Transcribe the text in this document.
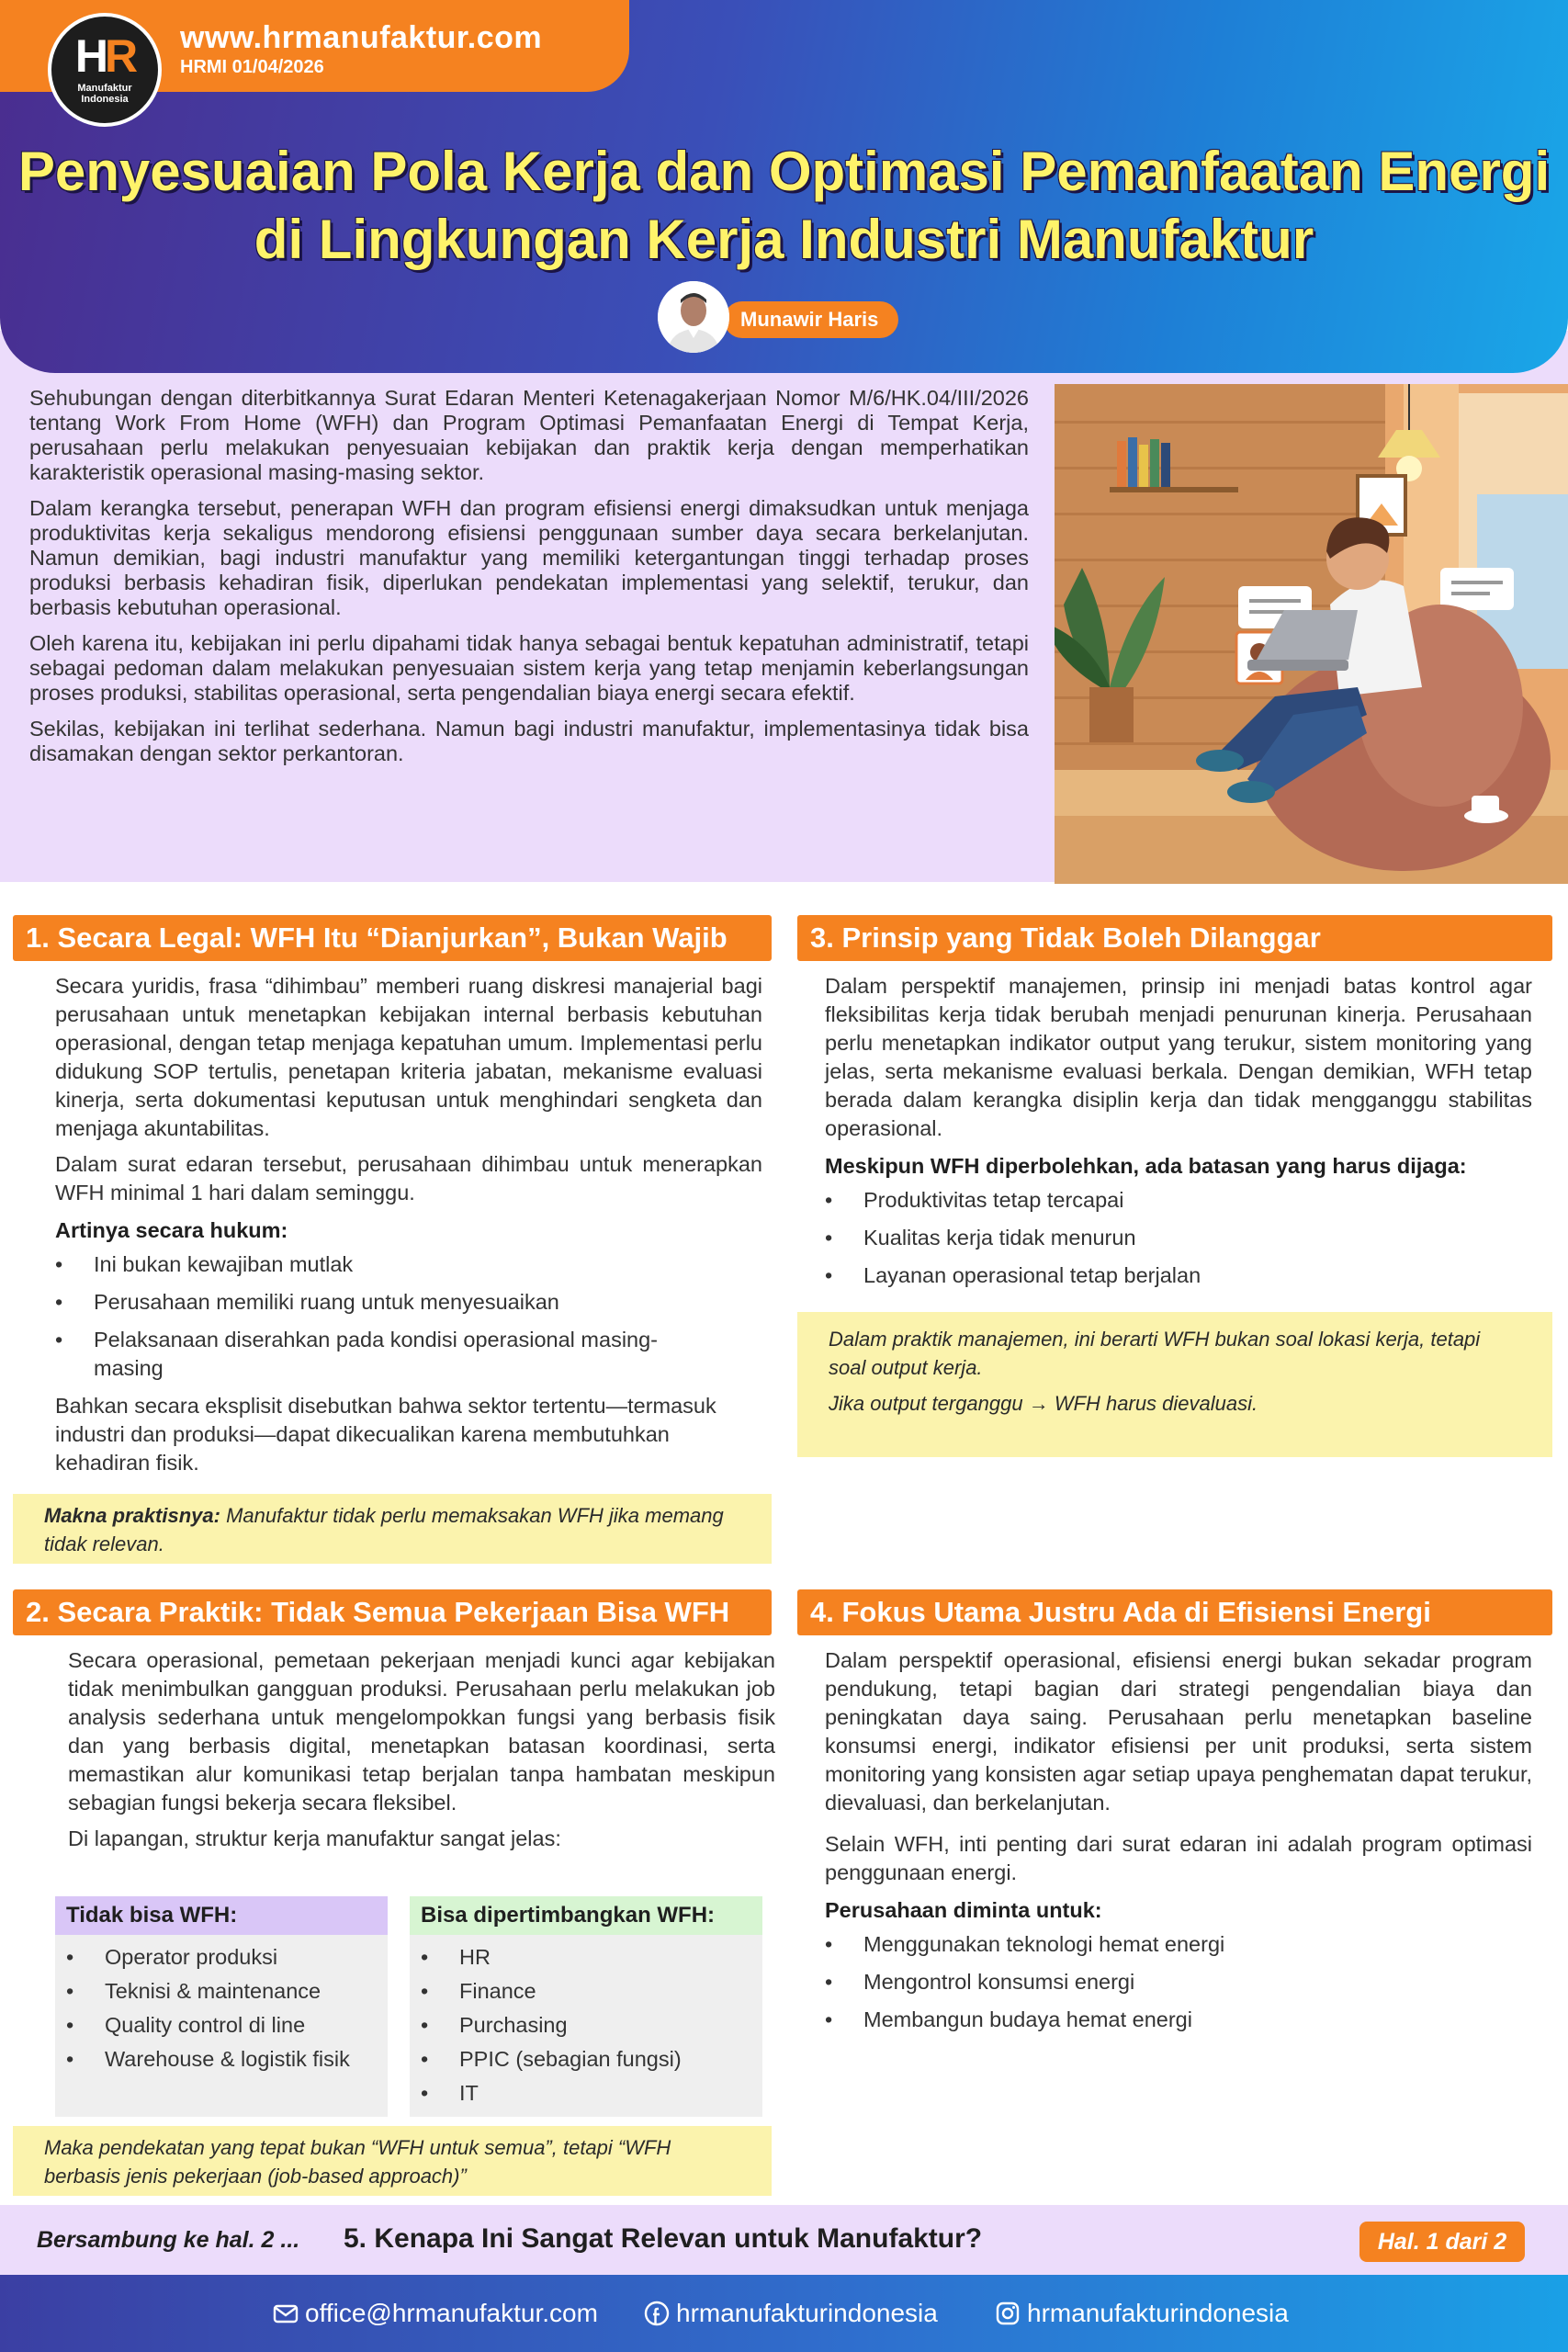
HR
Manufaktur
Indonesia
www.hrmanufaktur.com
HRMI 01/04/2026
Penyesuaian Pola Kerja dan Optimasi Pemanfaatan Energi
di Lingkungan Kerja Industri Manufaktur
Munawir Haris

Sehubungan dengan diterbitkannya Surat Edaran Menteri Ketenagakerjaan Nomor M/6/HK.04/III/2026 tentang Work From Home (WFH) dan Program Optimasi Pemanfaatan Energi di Tempat Kerja, perusahaan perlu melakukan penyesuaian kebijakan dan praktik kerja dengan memperhatikan karakteristik operasional masing-masing sektor.

Dalam kerangka tersebut, penerapan WFH dan program efisiensi energi dimaksudkan untuk menjaga produktivitas kerja sekaligus mendorong efisiensi penggunaan sumber daya secara berkelanjutan. Namun demikian, bagi industri manufaktur yang memiliki ketergantungan tinggi terhadap proses produksi berbasis kehadiran fisik, diperlukan pendekatan implementasi yang selektif, terukur, dan berbasis kebutuhan operasional.

Oleh karena itu, kebijakan ini perlu dipahami tidak hanya sebagai bentuk kepatuhan administratif, tetapi sebagai pedoman dalam melakukan penyesuaian sistem kerja yang tetap menjamin keberlangsungan proses produksi, stabilitas operasional, serta pengendalian biaya energi secara efektif.

Sekilas, kebijakan ini terlihat sederhana. Namun bagi industri manufaktur, implementasinya tidak bisa disamakan dengan sektor perkantoran.

1. Secara Legal: WFH Itu “Dianjurkan”, Bukan Wajib

Secara yuridis, frasa “dihimbau” memberi ruang diskresi manajerial bagi perusahaan untuk menetapkan kebijakan internal berbasis kebutuhan operasional, dengan tetap menjaga kepatuhan umum. Implementasi perlu didukung SOP tertulis, penetapan kriteria jabatan, mekanisme evaluasi kinerja, serta dokumentasi keputusan untuk menghindari sengketa dan menjaga akuntabilitas.

Dalam surat edaran tersebut, perusahaan dihimbau untuk menerapkan WFH minimal 1 hari dalam seminggu.

Artinya secara hukum:
• Ini bukan kewajiban mutlak
• Perusahaan memiliki ruang untuk menyesuaikan
• Pelaksanaan diserahkan pada kondisi operasional masing-masing

Bahkan secara eksplisit disebutkan bahwa sektor tertentu—termasuk industri dan produksi—dapat dikecualikan karena membutuhkan kehadiran fisik.

Makna praktisnya: Manufaktur tidak perlu memaksakan WFH jika memang tidak relevan.

3. Prinsip yang Tidak Boleh Dilanggar

Dalam perspektif manajemen, prinsip ini menjadi batas kontrol agar fleksibilitas kerja tidak berubah menjadi penurunan kinerja. Perusahaan perlu menetapkan indikator output yang terukur, sistem monitoring yang jelas, serta mekanisme evaluasi berkala. Dengan demikian, WFH tetap berada dalam kerangka disiplin kerja dan tidak mengganggu stabilitas operasional.

Meskipun WFH diperbolehkan, ada batasan yang harus dijaga:
• Produktivitas tetap tercapai
• Kualitas kerja tidak menurun
• Layanan operasional tetap berjalan

Dalam praktik manajemen, ini berarti WFH bukan soal lokasi kerja, tetapi soal output kerja.

Jika output terganggu → WFH harus dievaluasi.

2. Secara Praktik: Tidak Semua Pekerjaan Bisa WFH

Secara operasional, pemetaan pekerjaan menjadi kunci agar kebijakan tidak menimbulkan gangguan produksi. Perusahaan perlu melakukan job analysis sederhana untuk mengelompokkan fungsi yang berbasis fisik dan yang berbasis digital, menetapkan batasan koordinasi, serta memastikan alur komunikasi tetap berjalan tanpa hambatan meskipun sebagian fungsi bekerja secara fleksibel.

Di lapangan, struktur kerja manufaktur sangat jelas:

Tidak bisa WFH:
• Operator produksi
• Teknisi & maintenance
• Quality control di line
• Warehouse & logistik fisik
Bisa dipertimbangkan WFH:
• HR
• Finance
• Purchasing
• PPIC (sebagian fungsi)
• IT

Maka pendekatan yang tepat bukan “WFH untuk semua”, tetapi “WFH berbasis jenis pekerjaan (job-based approach)”

4. Fokus Utama Justru Ada di Efisiensi Energi

Dalam perspektif operasional, efisiensi energi bukan sekadar program pendukung, tetapi bagian dari strategi pengendalian biaya dan peningkatan daya saing. Perusahaan perlu menetapkan baseline konsumsi energi, indikator efisiensi per unit produksi, serta sistem monitoring yang konsisten agar setiap upaya penghematan dapat terukur, dievaluasi, dan berkelanjutan.

Selain WFH, inti penting dari surat edaran ini adalah program optimasi penggunaan energi.

Perusahaan diminta untuk:
• Menggunakan teknologi hemat energi
• Mengontrol konsumsi energi
• Membangun budaya hemat energi
Bersambung ke hal. 2 ... 5. Kenapa Ini Sangat Relevan untuk Manufaktur?	Hal. 1 dari 2
office@hrmanufaktur.com	hrmanufakturindonesia	hrmanufakturindonesia
